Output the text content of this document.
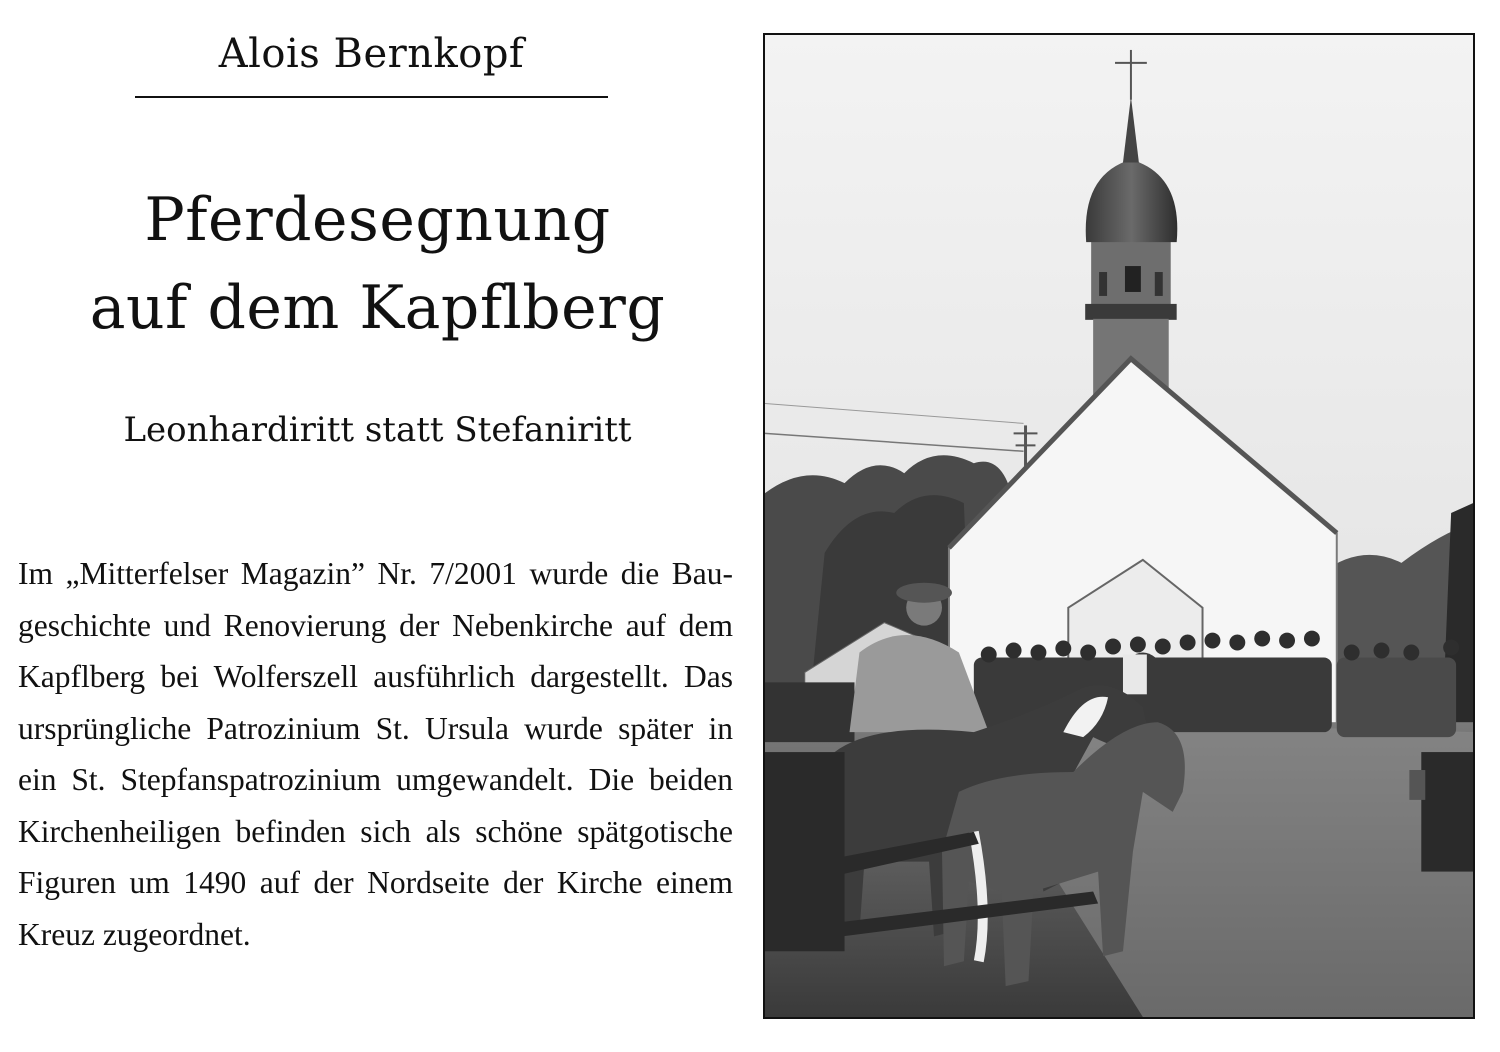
Alois Bernkopf
Pferdesegnung
auf dem Kapflberg
Leonhardiritt statt Stefaniritt
Im „Mitterfelser Magazin” Nr. 7/2001 wurde die Baugeschichte und Renovierung der Nebenkirche auf dem Kapflberg bei Wolferszell ausführlich dargestellt. Das ursprüngliche Patrozinium St. Ursula wurde später in ein St. Stepfanspatrozinium umgewandelt. Die beiden Kirchenheiligen befinden sich als schöne spätgotische Figuren um 1490 auf der Nordseite der Kirche einem Kreuz zugeordnet.
